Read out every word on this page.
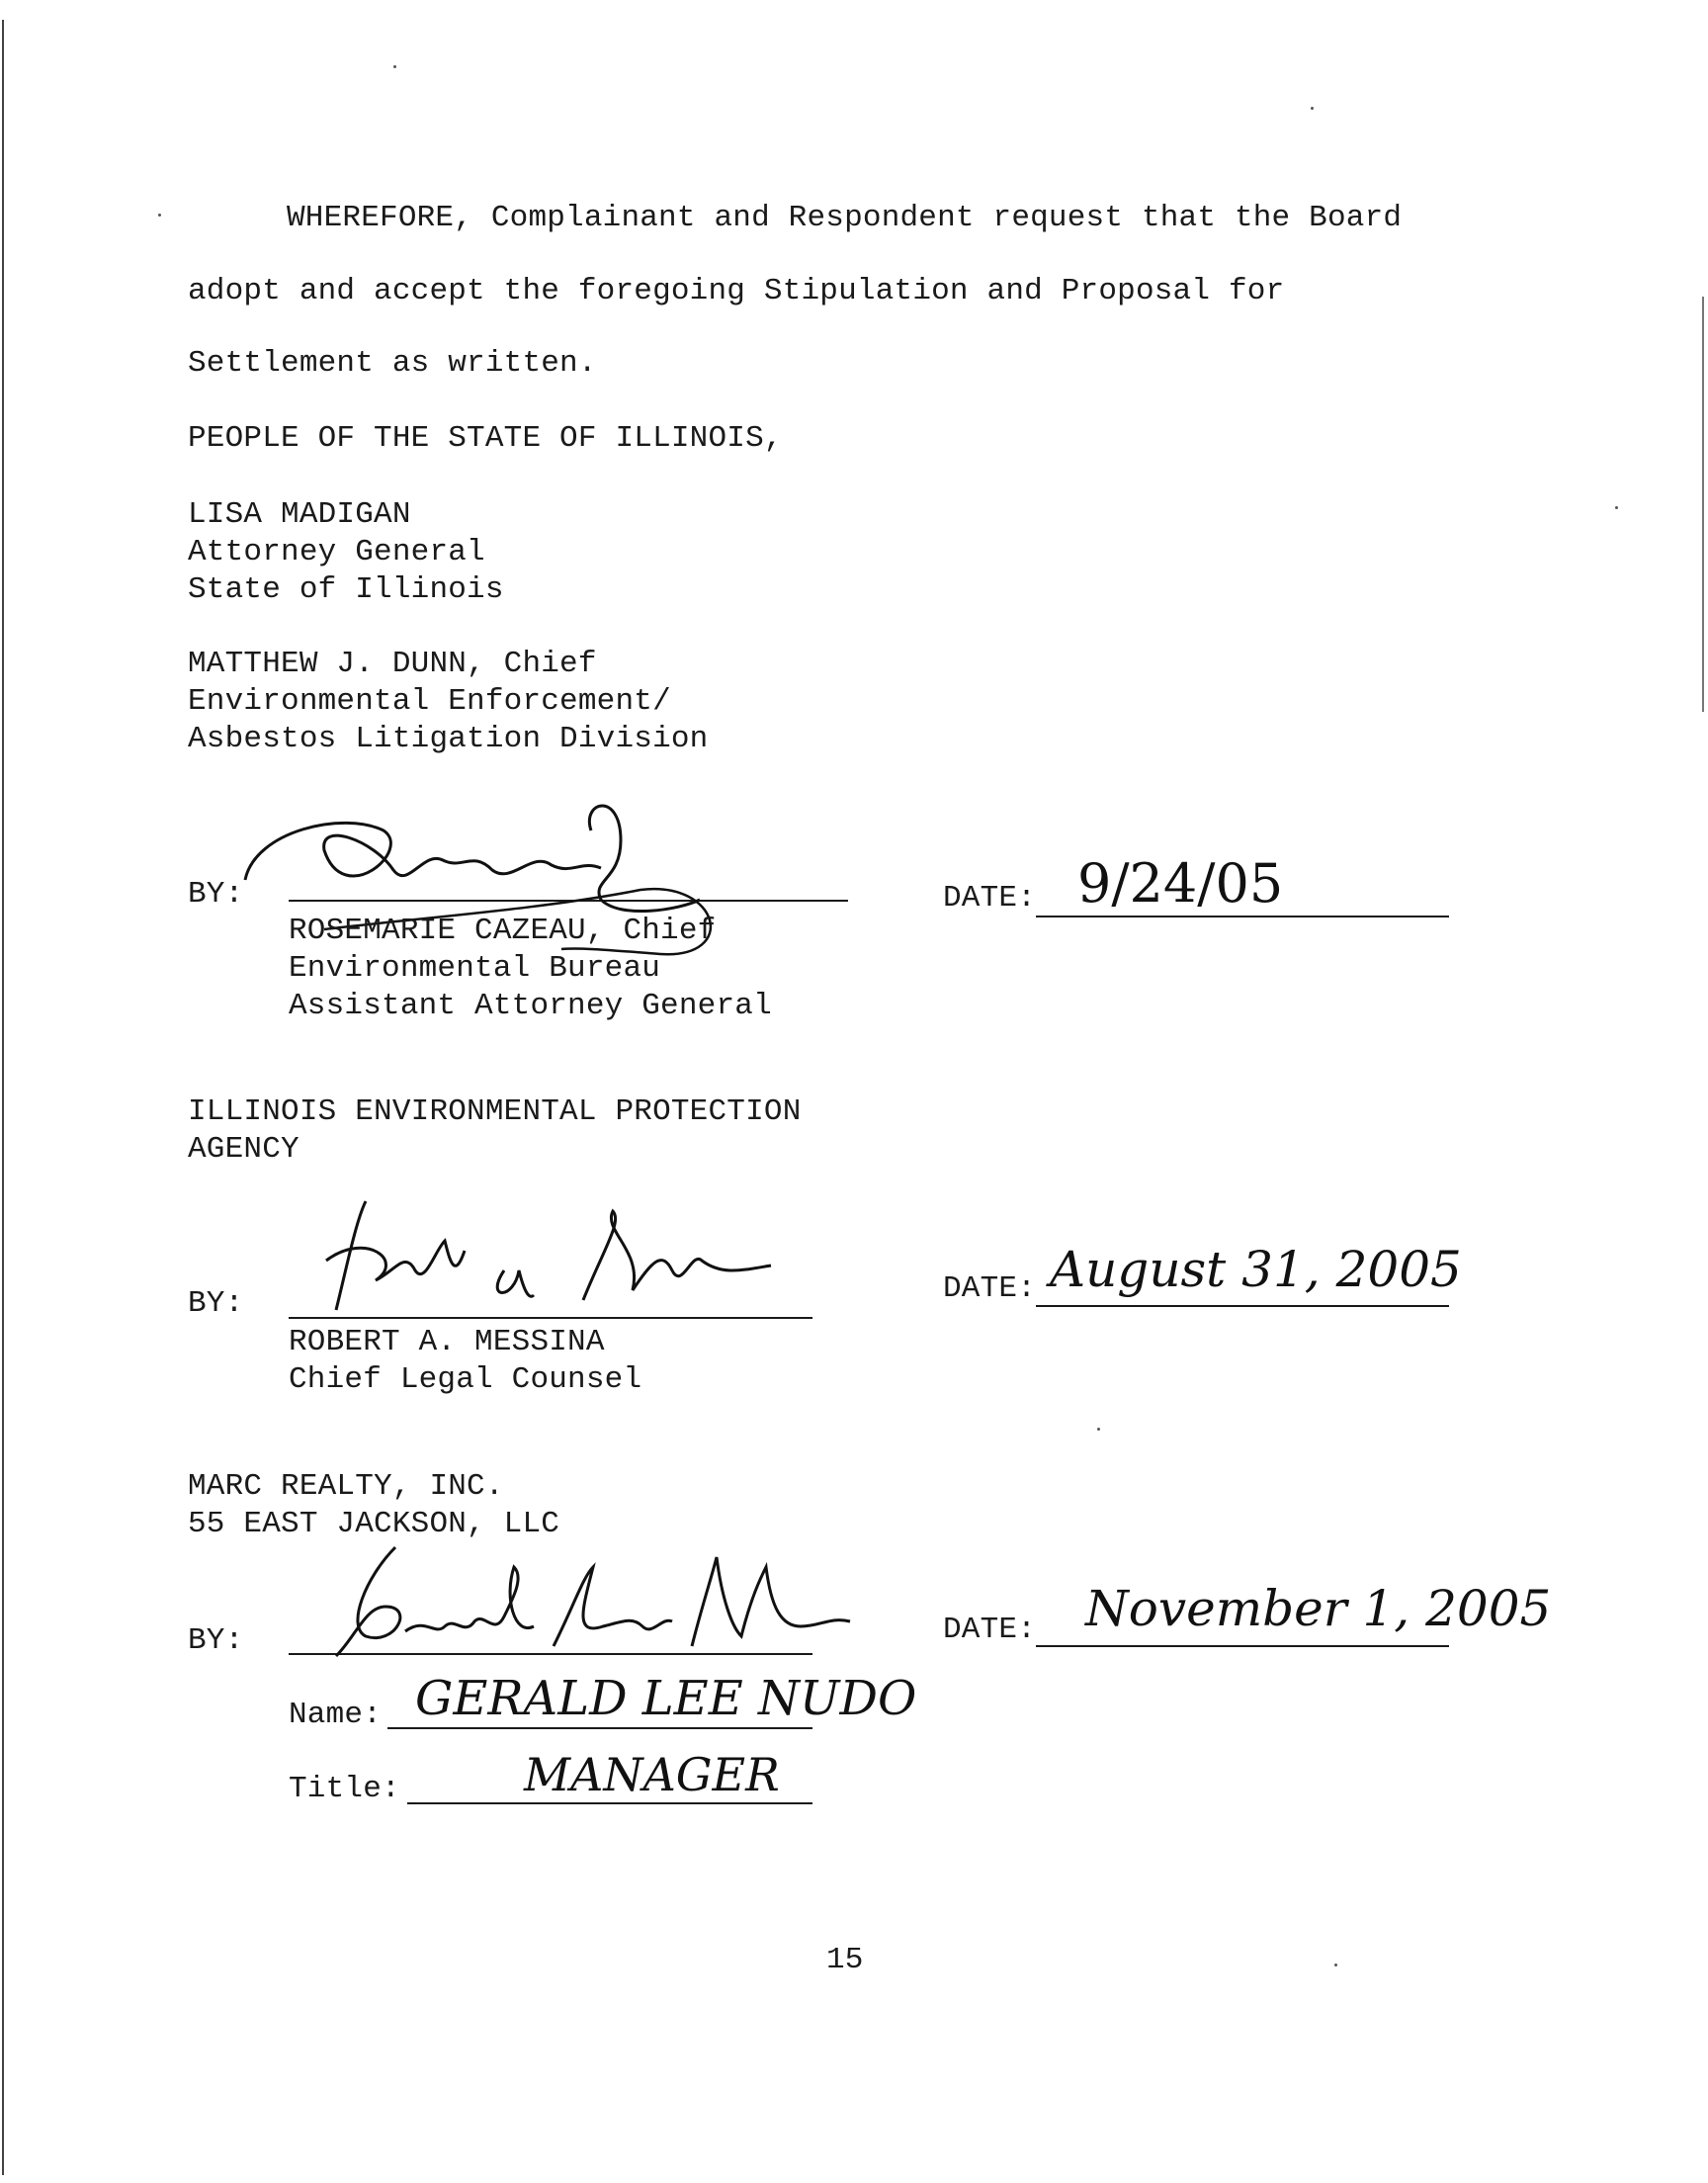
WHEREFORE, Complainant and Respondent request that the Board
adopt and accept the foregoing Stipulation and Proposal for
Settlement as written.
PEOPLE OF THE STATE OF ILLINOIS,
LISA MADIGAN
Attorney General
State of Illinois
MATTHEW J. DUNN, Chief
Environmental Enforcement/
Asbestos Litigation Division
BY:
ROSEMARIE CAZEAU, Chief
Environmental Bureau
Assistant Attorney General
DATE: 9/24/05
ILLINOIS ENVIRONMENTAL PROTECTION
AGENCY
BY:
ROBERT A. MESSINA
Chief Legal Counsel
DATE: August 31, 2005
MARC REALTY, INC.
55 EAST JACKSON, LLC
BY:
Name: GERALD LEE NUDO
Title:	MANAGER
DATE: November 1, 2005
15
